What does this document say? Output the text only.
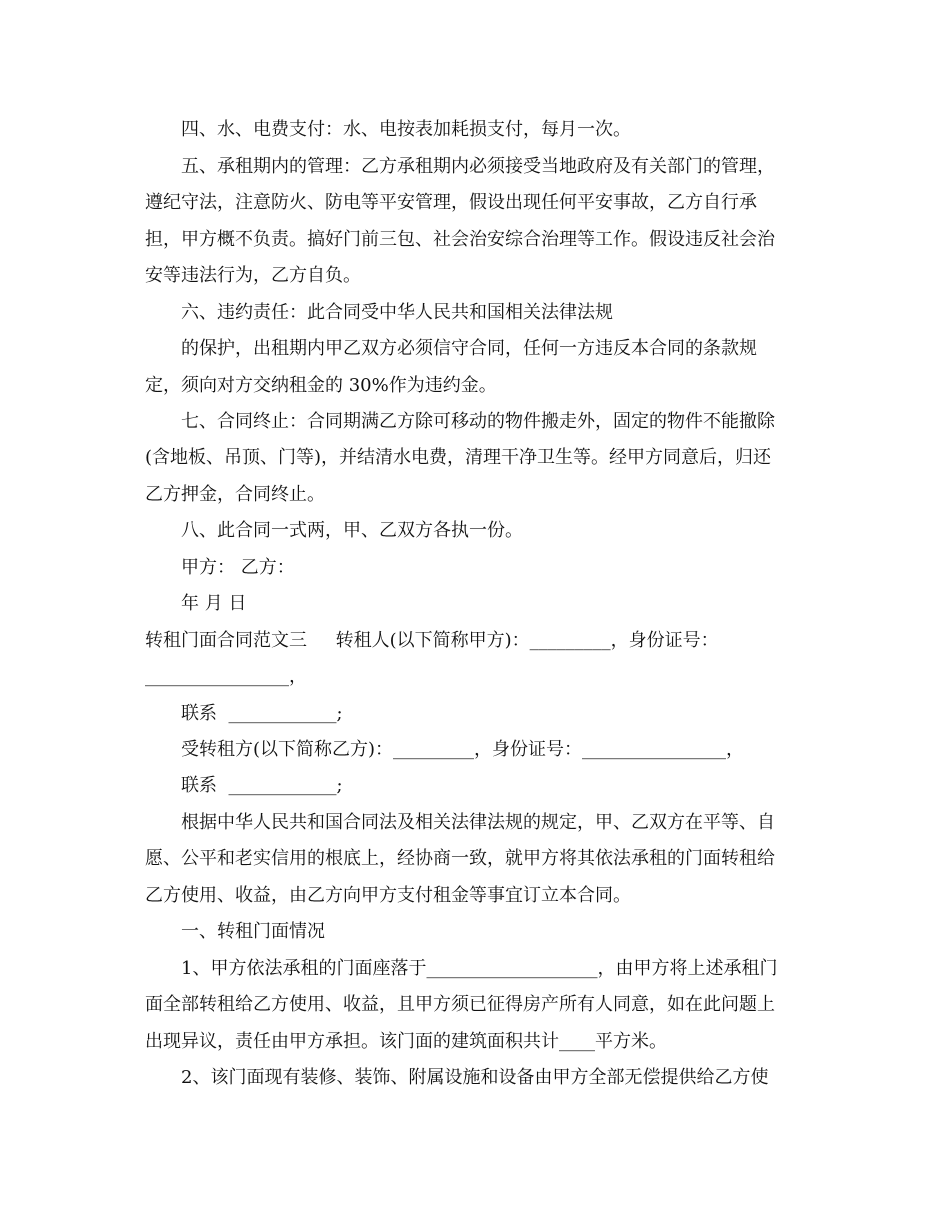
四、水、电费支付：水、电按表加耗损支付，每月一次。
五、承租期内的管理：乙方承租期内必须接受当地政府及有关部门的管理，
遵纪守法，注意防火、防电等平安管理，假设出现任何平安事故，乙方自行承
担，甲方概不负责。搞好门前三包、社会治安综合治理等工作。假设违反社会治
安等违法行为，乙方自负。
六、违约责任：此合同受中华人民共和国相关法律法规
的保护，出租期内甲乙双方必须信守合同，任何一方违反本合同的条款规
定，须向对方交纳租金的 30%作为违约金。
七、合同终止：合同期满乙方除可移动的物件搬走外，固定的物件不能撤除
(含地板、吊顶、门等)，并结清水电费，清理干净卫生等。经甲方同意后，归还
乙方押金，合同终止。
八、此合同一式两，甲、乙双方各执一份。
甲方： 乙方：
年 月 日
转租门面合同范文三     转租人(以下简称甲方)：_________，身份证号：
________________，
联系  ____________;
受转租方(以下简称乙方)：_________，身份证号：________________，
联系  ____________;
根据中华人民共和国合同法及相关法律法规的规定，甲、乙双方在平等、自
愿、公平和老实信用的根底上，经协商一致，就甲方将其依法承租的门面转租给
乙方使用、收益，由乙方向甲方支付租金等事宜订立本合同。
一、转租门面情况
1、甲方依法承租的门面座落于___________________，由甲方将上述承租门
面全部转租给乙方使用、收益，且甲方须已征得房产所有人同意，如在此问题上
出现异议，责任由甲方承担。该门面的建筑面积共计____平方米。
2、该门面现有装修、装饰、附属设施和设备由甲方全部无偿提供给乙方使
